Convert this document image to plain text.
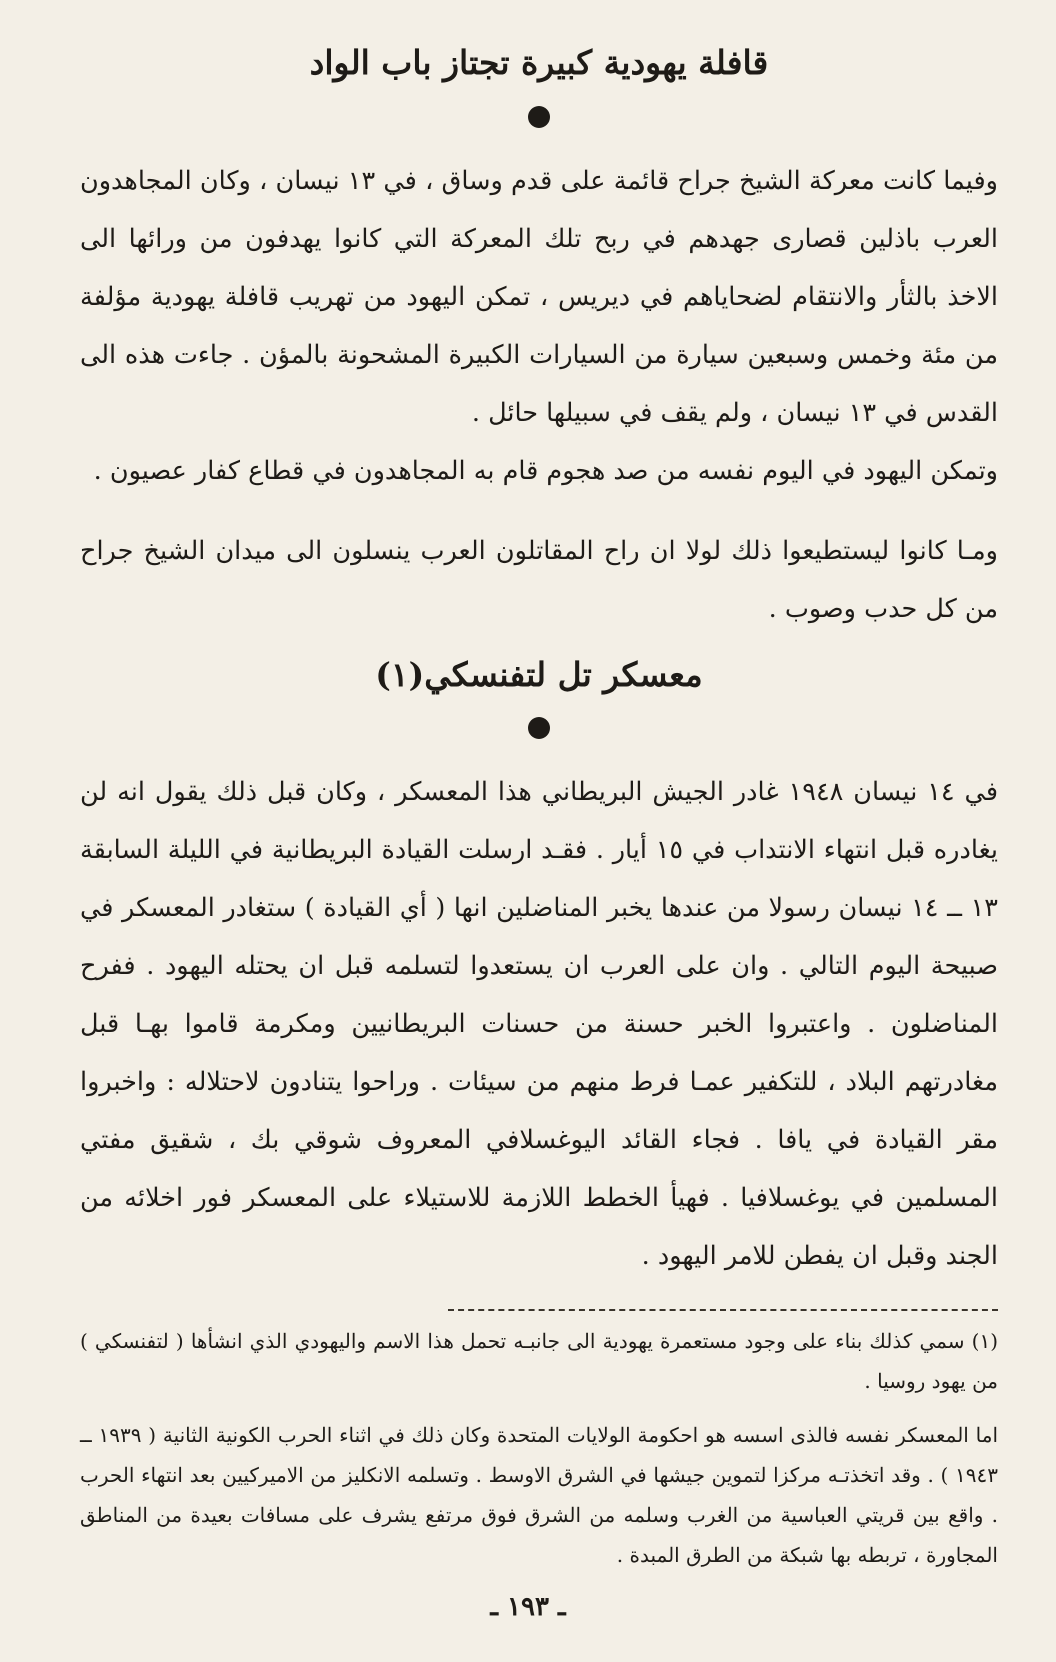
قافلة يهودية كبيرة تجتاز باب الواد

وفيما كانت معركة الشيخ جراح قائمة على قدم وساق ، في ١٣ نيسان ، وكان المجاهدون العرب باذلين قصارى جهدهم في ربح تلك المعركة التي كانوا يهدفون من ورائها الى الاخذ بالثأر والانتقام لضحاياهم في ديريس ، تمكن اليهود من تهريب قافلة يهودية مؤلفة من مئة وخمس وسبعين سيارة من السيارات الكبيرة المشحونة بالمؤن . جاءت هذه الى القدس في ١٣ نيسان ، ولم يقف في سبيلها حائل .

وتمكن اليهود في اليوم نفسه من صد هجوم قام به المجاهدون في قطاع كفار عصيون .

ومـا كانوا ليستطيعوا ذلك لولا ان راح المقاتلون العرب ينسلون الى ميدان الشيخ جراح من كل حدب وصوب .

معسكر تل لتفنسكي(١)

في ١٤ نيسان ١٩٤٨ غادر الجيش البريطاني هذا المعسكر ، وكان قبل ذلك يقول انه لن يغادره قبل انتهاء الانتداب في ١٥ أيار . فقـد ارسلت القيادة البريطانية في الليلة السابقة ١٣ ــ ١٤ نيسان رسولا من عندها يخبر المناضلين انها ( أي القيادة ) ستغادر المعسكر في صبيحة اليوم التالي . وان على العرب ان يستعدوا لتسلمه قبل ان يحتله اليهود . ففرح المناضلون . واعتبروا الخبر حسنة من حسنات البريطانيين ومكرمة قاموا بهـا قبل مغادرتهم البلاد ، للتكفير عمـا فرط منهم من سيئات . وراحوا يتنادون لاحتلاله : واخبروا مقر القيادة في يافا . فجاء القائد اليوغسلافي المعروف شوقي بك ، شقيق مفتي المسلمين في يوغسلافيا . فهيأ الخطط اللازمة للاستيلاء على المعسكر فور اخلائه من الجند وقبل ان يفطن للامر اليهود .

(١) سمي كذلك بناء على وجود مستعمرة يهودية الى جانبـه تحمل هذا الاسم واليهودي الذي انشأها ( لتفنسكي ) من يهود روسيا .

اما المعسكر نفسه فالذى اسسه هو احكومة الولايات المتحدة وكان ذلك في اثناء الحرب الكونية الثانية ( ١٩٣٩ ــ ١٩٤٣ ) . وقد اتخذتـه مركزا لتموين جيشها في الشرق الاوسط . وتسلمه الانكليز من الاميركيين بعد انتهاء الحرب . واقع بين قريتي العباسية من الغرب وسلمه من الشرق فوق مرتفع يشرف على مسافات بعيدة من المناطق المجاورة ، تربطه بها شبكة من الطرق المبدة .

ـ ١٩٣ ـ
